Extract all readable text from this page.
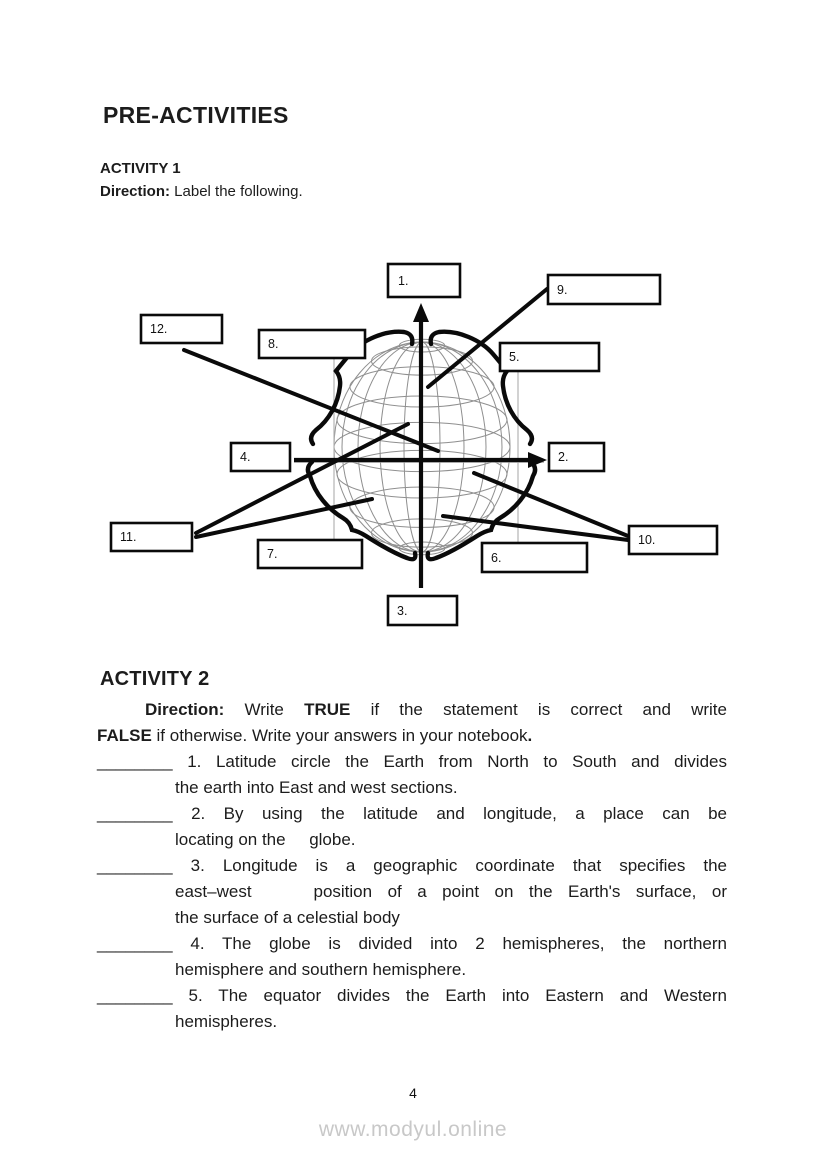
PRE-ACTIVITIES
ACTIVITY 1
Direction: Label the following.
1.
2.
3.
4.
5.
6.
7.
8.
9.
10.
11.
12.
ACTIVITY 2
Direction: Write TRUE if the statement is correct and write
FALSE if otherwise. Write your answers in your notebook.
________ 1. Latitude circle the Earth from North to South and divides
the earth into East and west sections.
________ 2. By using the latitude and longitude, a place can be
locating on the     globe.
________ 3. Longitude is a geographic coordinate that specifies the
east–west    position of a point on the Earth's surface, or
the surface of a celestial body
________ 4. The globe is divided into 2 hemispheres, the northern
hemisphere and southern hemisphere.
________ 5. The equator divides the Earth into Eastern and Western
hemispheres.
4
www.modyul.online
